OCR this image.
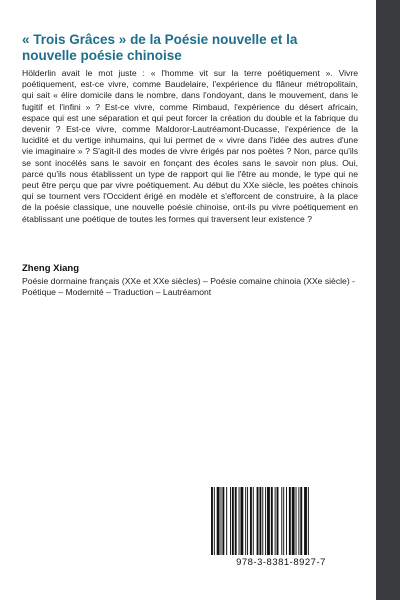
« Trois Grâces » de la Poésie nouvelle et la nouvelle poésie chinoise

Hölderlin avait le mot juste : « l'homme vit sur la terre poétiquement ». Vivre poétiquement, est-ce vivre, comme Baudelaire, l'expérience du flâneur métropolitain, qui sait « élire domicile dans le nombre, dans l'ondoyant, dans le mouvement, dans le fugitif et l'infini » ? Est-ce vivre, comme Rimbaud, l'expérience du désert africain, espace qui est une séparation et qui peut forcer la création du double et la fabrique du devenir ? Est-ce vivre, comme Maldoror-Lautréamont-Ducasse, l'expérience de la lucidité et du vertige inhumains, qui lui permet de « vivre dans l'idée des autres d'une vie imaginaire » ? S'agit-il des modes de vivre érigés par nos poètes ? Non, parce qu'ils se sont inocélés sans le savoir en fonçant des écoles sans le savoir non plus. Oui, parce qu'ils nous établissent un type de rapport qui lie l'être au monde, le type qui ne peut être perçu que par vivre poétiquement. Au début du XXe siècle, les poètes chinois qui se tournent vers l'Occident érigé en modèle et s'efforcent de construire, à la place de la poésie classique, une nouvelle poésie chinoise, ont-ils pu vivre poétiquement en établissant une poétique de toutes les formes qui traversent leur existence ?

Zheng Xiang

Poésie dorrnaine français (XXe et XXe siècles) – Poésie comaine chinoia (XXe siècle) - Poétique – Modernité – Traduction – Lautréamont

978-3-8381-8927-7
